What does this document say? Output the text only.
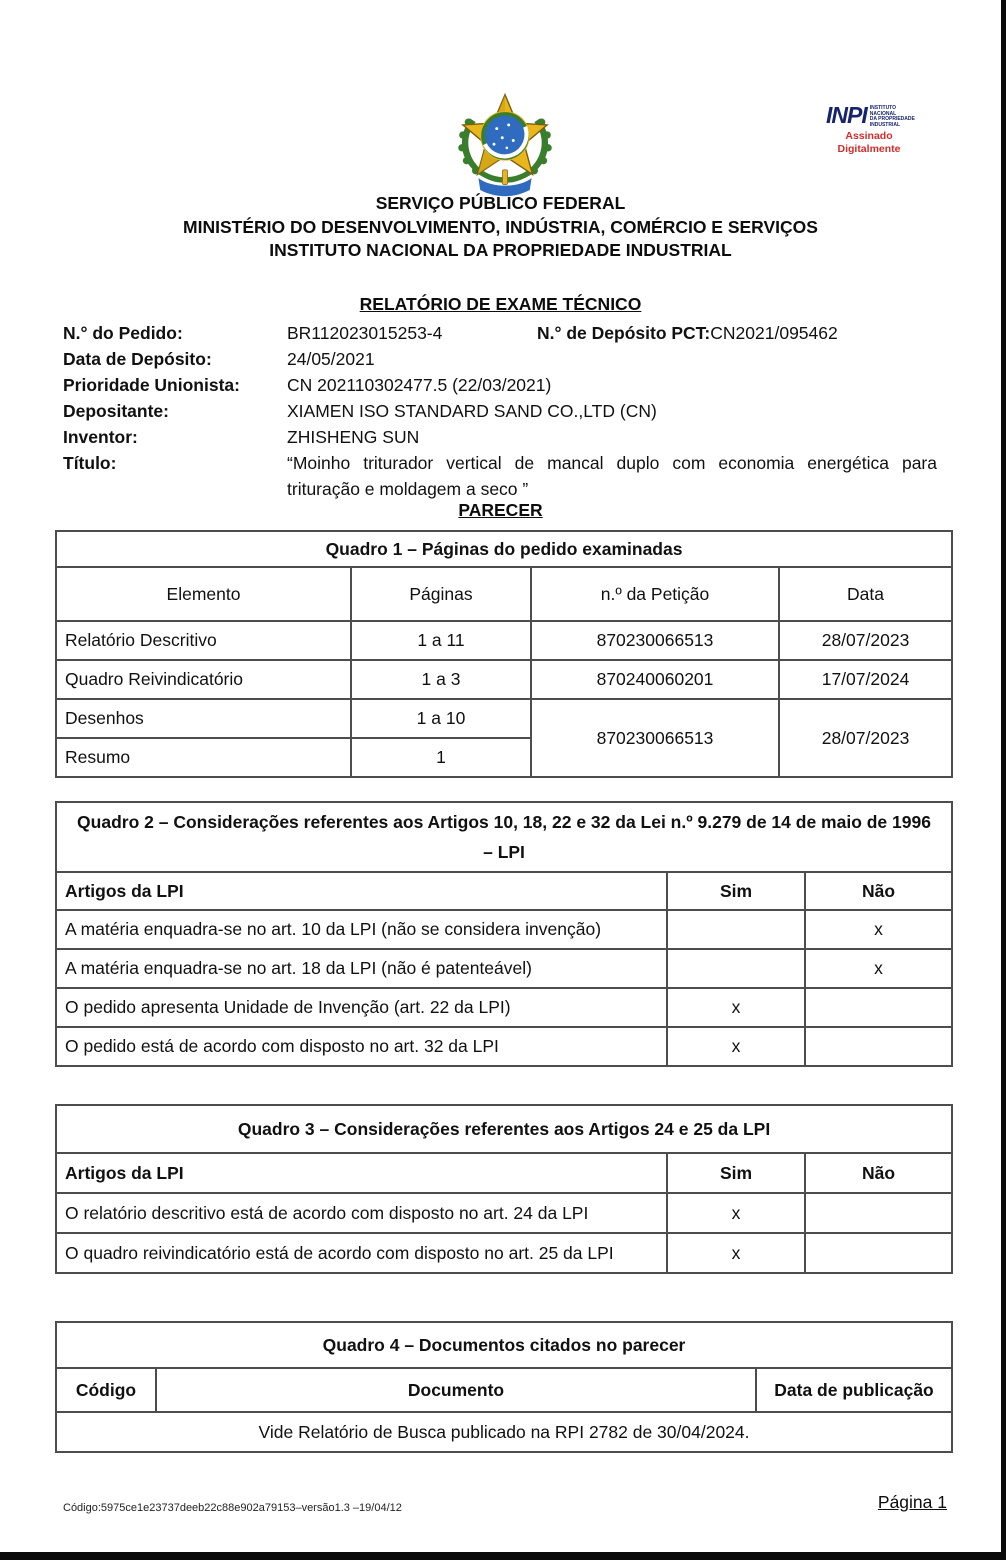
INPI INSTITUTO
NACIONAL
DA PROPRIEDADE
INDUSTRIAL
Assinado
Digitalmente
SERVIÇO PÚBLICO FEDERAL
MINISTÉRIO DO DESENVOLVIMENTO, INDÚSTRIA, COMÉRCIO E SERVIÇOS
INSTITUTO NACIONAL DA PROPRIEDADE INDUSTRIAL
RELATÓRIO DE EXAME TÉCNICO
N.° do Pedido:	BR112023015253-4	N.° de Depósito PCT:CN2021/095462
Data de Depósito:	24/05/2021
Prioridade Unionista:	CN 202110302477.5 (22/03/2021)
Depositante:	XIAMEN ISO STANDARD SAND CO.,LTD (CN)
Inventor:	ZHISHENG SUN
Título:	“Moinho triturador vertical de mancal duplo com economia energética para trituração e moldagem a seco ”
PARECER
Quadro 1 – Páginas do pedido examinadas			
Elemento	Páginas	n.º da Petição	Data
Relatório Descritivo	1 a 11	870230066513	28/07/2023
Quadro Reivindicatório	1 a 3	870240060201	17/07/2024
Desenhos	1 a 10	870230066513	28/07/2023
Resumo	1		
Quadro 2 – Considerações referentes aos Artigos 10, 18, 22 e 32 da Lei n.º 9.279 de 14 de maio de 1996 – LPI		
Artigos da LPI	Sim	Não
A matéria enquadra-se no art. 10 da LPI (não se considera invenção)		x
A matéria enquadra-se no art. 18 da LPI (não é patenteável)		x
O pedido apresenta Unidade de Invenção (art. 22 da LPI)	x	
O pedido está de acordo com disposto no art. 32 da LPI	x	
Quadro 3 – Considerações referentes aos Artigos 24 e 25 da LPI		
Artigos da LPI	Sim	Não
O relatório descritivo está de acordo com disposto no art. 24 da LPI	x	
O quadro reivindicatório está de acordo com disposto no art. 25 da LPI	x	
Quadro 4 – Documentos citados no parecer
Código	Documento	Data de publicação
Vide Relatório de Busca publicado na RPI 2782 de 30/04/2024.
Código:5975ce1e23737deeb22c88e902a79153–versão1.3 –19/04/12	Página 1
